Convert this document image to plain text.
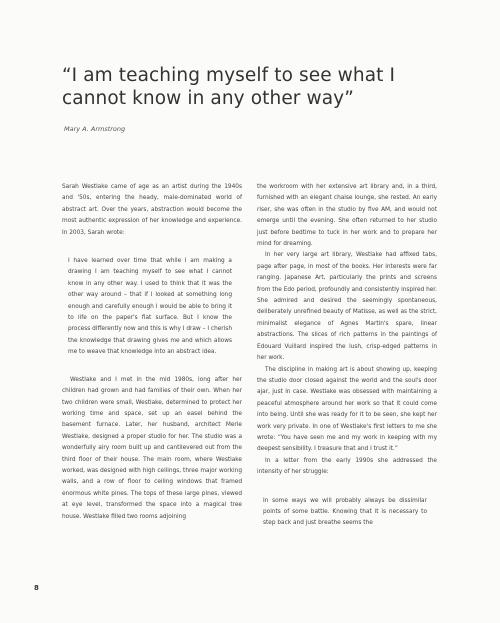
“I am teaching myself to see what I cannot know in any other way”
Mary A. Armstrong

Sarah Westlake came of age as an artist during the 1940s and '50s, entering the heady, male-dominated world of abstract art. Over the years, abstraction would become the most authentic expression of her knowledge and experience. In 2003, Sarah wrote:

I have learned over time that while I am making a drawing I am teaching myself to see what I cannot know in any other way. I used to think that it was the other way around – that if I looked at something long enough and carefully enough I would be able to bring it to life on the paper's flat surface. But I know the process differently now and this is why I draw – I cherish the knowledge that drawing gives me and which allows me to weave that knowledge into an abstract idea.

Westlake and I met in the mid 1980s, long after her children had grown and had families of their own. When her two children were small, Westlake, determined to protect her working time and space, set up an easel behind the basement furnace. Later, her husband, architect Merle Westlake, designed a proper studio for her. The studio was a wonderfully airy room built up and cantilevered out from the third floor of their house. The main room, where Westlake worked, was designed with high ceilings, three major working walls, and a row of floor to ceiling windows that framed enormous white pines. The tops of these large pines, viewed at eye level, transformed the space into a magical tree house. Westlake filled two rooms adjoining

the workroom with her extensive art library and, in a third, furnished with an elegant chaise lounge, she rested. An early riser, she was often in the studio by five AM, and would not emerge until the evening. She often returned to her studio just before bedtime to tuck in her work and to prepare her mind for dreaming.

In her very large art library, Westlake had affixed tabs, page after page, in most of the books. Her interests were far ranging. Japanese Art, particularly the prints and screens from the Edo period, profoundly and consistently inspired her. She admired and desired the seemingly spontaneous, deliberately unrefined beauty of Matisse, as well as the strict, minimalist elegance of Agnes Martin's spare, linear abstractions. The slices of rich patterns in the paintings of Edouard Vuillard inspired the lush, crisp-edged patterns in her work.

The discipline in making art is about showing up, keeping the studio door closed against the world and the soul's door ajar, just in case. Westlake was obsessed with maintaining a peaceful atmosphere around her work so that it could come into being. Until she was ready for it to be seen, she kept her work very private. In one of Westlake's first letters to me she wrote: “You have seen me and my work in keeping with my deepest sensibility. I treasure that and I trust it.”

In a letter from the early 1990s she addressed the intensity of her struggle:

In some ways we will probably always be dissimilar points of some battle. Knowing that it is necessary to step back and just breathe seems the

8
